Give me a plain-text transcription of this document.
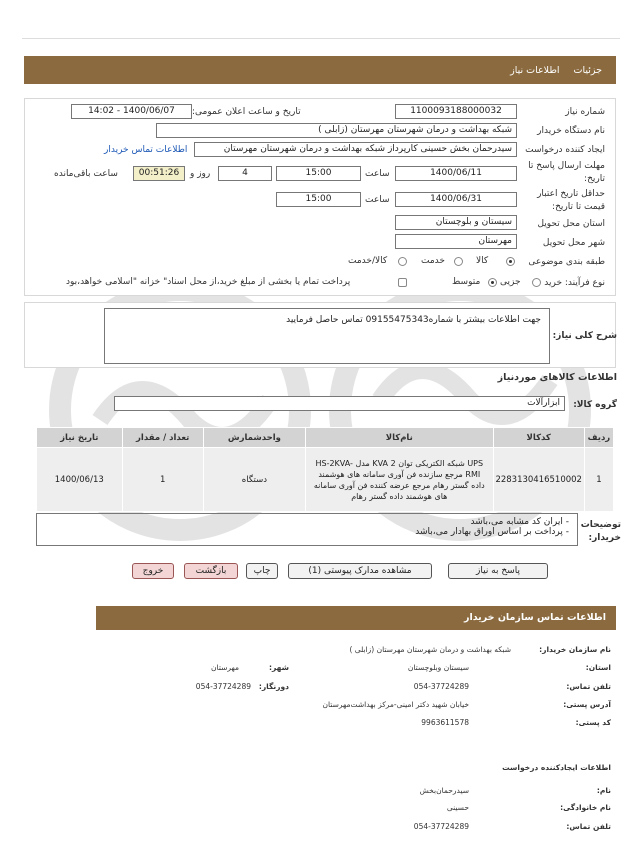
جزئیات
اطلاعات نیاز
شماره نیاز
1100093188000032
تاریخ و ساعت اعلان عمومی:
1400/06/07 - 14:02
نام دستگاه خریدار
شبکه بهداشت و درمان شهرستان مهرستان (زابلی )
ایجاد کننده درخواست
سیدرحمان بخش حسینی کارپرداز شبکه بهداشت و درمان شهرستان مهرستان
اطلاعات تماس خریدار
مهلت ارسال پاسخ تا
تاریخ:
1400/06/11
ساعت
15:00
4
روز و
00:51:26
ساعت باقی‌مانده
حداقل تاریخ اعتبار
قیمت تا تاریخ:
1400/06/31
ساعت
15:00
استان محل تحویل
سیستان و بلوچستان
شهر محل تحویل
مهرستان
طبقه بندی موضوعی
کالا
خدمت
کالا/خدمت
نوع فرآیند: خرید
جزیی
متوسط
پرداخت تمام یا بخشی از مبلغ خرید،از محل اسناد" خزانه "اسلامی خواهد،بود
شرح کلی نیاز:
جهت اطلاعات بیشتر با شماره09155475343 تماس حاصل فرمایید
اطلاعات کالاهای موردنیاز
گروه کالا:
ابزارآلات
ردیف	کدکالا	نام‌کالا	واحدشمارش	تعداد / مقدار	تاریخ نیاز
1	2283130416510002	UPS شبکه الکتریکی توان 2 KVA مدل HS-2KVA- RMI مرجع سازنده فن آوری سامانه های هوشمند داده گستر رهام مرجع عرضه کننده فن آوری سامانه های هوشمند داده گستر رهام	دستگاه	1	1400/06/13
توضیحات
خریدار:
- ایران کد مشابه می،باشد
- پرداخت بر اساس اوراق بهادار می،باشد
پاسخ به نیاز
مشاهده مدارک پیوستی (1)
چاپ
بازگشت
خروج
اطلاعات تماس سازمان خریدار
نام سازمان خریدار:
شبکه بهداشت و درمان شهرستان مهرستان (زابلی )
استان:
سیستان وبلوچستان
شهر:
مهرستان
تلفن تماس:
054-37724289
دورنگار:
054-37724289
آدرس پستی:
خیابان شهید دکتر امینی-مرکز بهداشت‌مهرستان
کد پستی:
9963611578
اطلاعات ایجادکننده درخواست
نام:
سیدرحمان‌بخش
نام خانوادگی:
حسینی
تلفن تماس:
054-37724289
